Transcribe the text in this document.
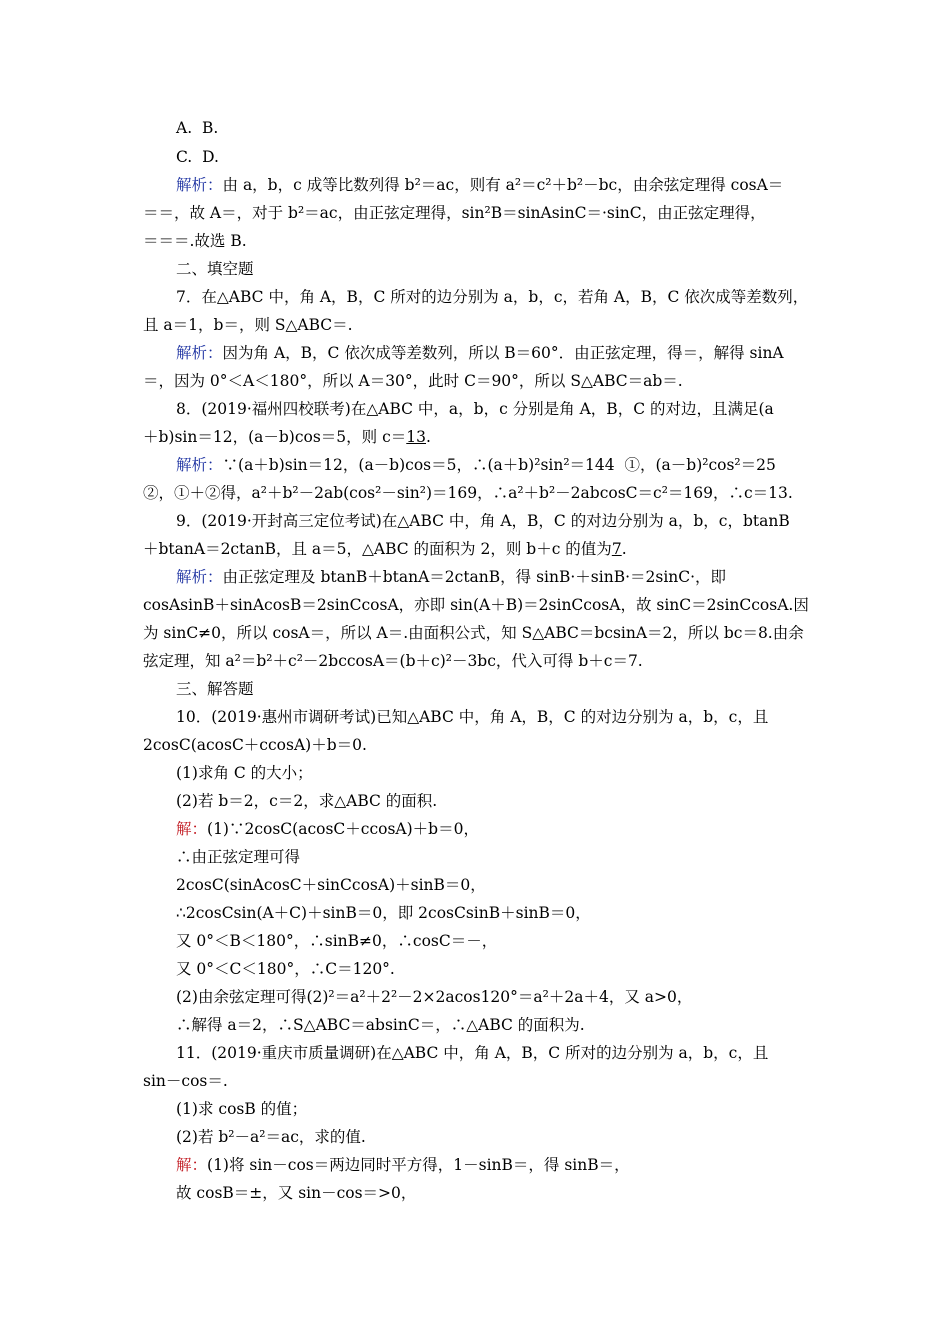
A.  B.
C.  D.
解析：由 a，b，c 成等比数列得 b²＝ac，则有 a²＝c²＋b²－bc，由余弦定理得 cosA＝
＝＝，故 A＝，对于 b²＝ac，由正弦定理得，sin²B＝sinAsinC＝·sinC，由正弦定理得，
＝＝＝.故选 B.
二、填空题
7．在△ABC 中，角 A，B，C 所对的边分别为 a，b，c，若角 A，B，C 依次成等差数列，
且 a＝1，b＝，则 S△ABC＝.
解析：因为角 A，B，C 依次成等差数列，所以 B＝60°．由正弦定理，得＝，解得 sinA
＝，因为 0°＜A＜180°，所以 A＝30°，此时 C＝90°，所以 S△ABC＝ab＝.
8．(2019·福州四校联考)在△ABC 中，a，b，c 分别是角 A，B，C 的对边，且满足(a
＋b)sin＝12，(a－b)cos＝5，则 c＝13.
解析：∵(a＋b)sin＝12，(a－b)cos＝5，∴(a＋b)²sin²＝144  ①，(a－b)²cos²＝25
②，①＋②得，a²＋b²－2ab(cos²－sin²)＝169，∴a²＋b²－2abcosC＝c²＝169，∴c＝13.
9．(2019·开封高三定位考试)在△ABC 中，角 A，B，C 的对边分别为 a，b，c，btanB
＋btanA＝2ctanB，且 a＝5，△ABC 的面积为 2，则 b＋c 的值为7.
解析：由正弦定理及 btanB＋btanA＝2ctanB，得 sinB·＋sinB·＝2sinC·，即
cosAsinB＋sinAcosB＝2sinCcosA，亦即 sin(A＋B)＝2sinCcosA，故 sinC＝2sinCcosA.因
为 sinC≠0，所以 cosA＝，所以 A＝.由面积公式，知 S△ABC＝bcsinA＝2，所以 bc＝8.由余
弦定理，知 a²＝b²＋c²－2bccosA＝(b＋c)²－3bc，代入可得 b＋c＝7.
三、解答题
10．(2019·惠州市调研考试)已知△ABC 中，角 A，B，C 的对边分别为 a，b，c，且
2cosC(acosC＋ccosA)＋b＝0.
(1)求角 C 的大小；
(2)若 b＝2，c＝2，求△ABC 的面积.
解：(1)∵2cosC(acosC＋ccosA)＋b＝0，
∴由正弦定理可得
2cosC(sinAcosC＋sinCcosA)＋sinB＝0，
∴2cosCsin(A＋C)＋sinB＝0，即 2cosCsinB＋sinB＝0，
又 0°＜B＜180°，∴sinB≠0，∴cosC＝－，
又 0°＜C＜180°，∴C＝120°.
(2)由余弦定理可得(2)²＝a²＋2²－2×2acos120°＝a²＋2a＋4，又 a>0，
∴解得 a＝2，∴S△ABC＝absinC＝，∴△ABC 的面积为.
11．(2019·重庆市质量调研)在△ABC 中，角 A，B，C 所对的边分别为 a，b，c，且
sin－cos＝.
(1)求 cosB 的值；
(2)若 b²－a²＝ac，求的值.
解：(1)将 sin－cos＝两边同时平方得，1－sinB＝，得 sinB＝，
故 cosB＝±，又 sin－cos＝>0，
